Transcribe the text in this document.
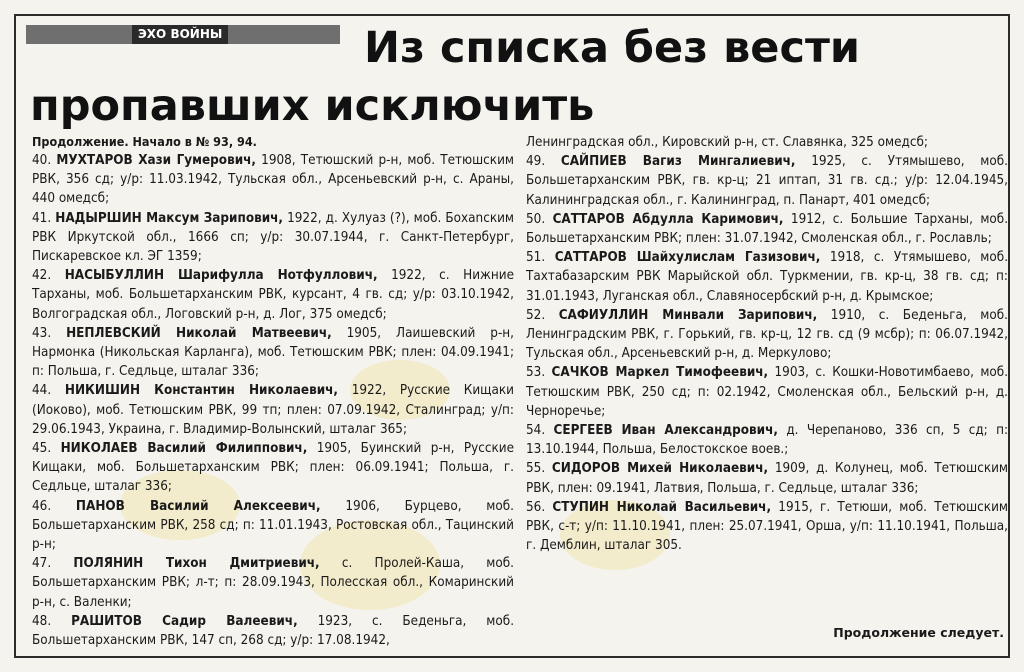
ЭХО ВОЙНЫ	Из списка без вести
пропавших исключить
Продолжение. Начало в № 93, 94.

40. МУХТАРОВ Хази Гумерович, 1908, Тетюшский р-н, моб. Тетюшским РВК, 356 сд; у/р: 11.03.1942, Тульская обл., Арсеньевский р-н, с. Араны, 440 омедсб;

41. НАДЫРШИН Максум Зарипович, 1922, д. Хулуаз (?), моб. Бохanским РВК Иркутской обл., 1666 сп; у/р: 30.07.1944, г. Санкт-Петербург, Пискаревское кл. ЭГ 1359;

42. НАСЫБУЛЛИН Шарифулла Нотфуллович, 1922, с. Нижние Тарханы, моб. Большетарханским РВК, курсант, 4 гв. сд; у/р: 03.10.1942, Волгоградская обл., Логовский р-н, д. Лог, 375 омедсб;

43. НЕПЛЕВСКИЙ Николай Матвеевич, 1905, Лаишевский р-н, Нармонка (Никольская Карланга), моб. Тетюшским РВК; плен: 04.09.1941; п: Польша, г. Седльце, шталаг 336;

44. НИКИШИН Константин Николаевич, 1922, Русские Кищаки (Иоково), моб. Тетюшским РВК, 99 тп; плен: 07.09.1942, Сталинград; у/п: 29.06.1943, Украина, г. Владимир-Волынский, шталаг 365;

45. НИКОЛАЕВ Василий Филиппович, 1905, Буинский р-н, Русские Кищаки, моб. Большетарханским РВК; плен: 06.09.1941; Польша, г. Седльце, шталаг 336;

46. ПАНОВ Василий Алексеевич, 1906, Бурцево, моб. Большетарханским РВК, 258 сд; п: 11.01.1943, Ростовская обл., Тацинский р-н;

47. ПОЛЯНИН Тихон Дмитриевич, с. Пролей-Каша, моб. Большетарханским РВК; л-т; п: 28.09.1943, Полесская обл., Комаринский р-н, с. Валенки;

48. РАШИТОВ Садир Валеевич, 1923, с. Беденьга, моб. Большетарханским РВК, 147 сп, 268 сд; у/р: 17.08.1942,

Ленинградская обл., Кировский р-н, ст. Славянка, 325 омедсб;

49. САЙПИЕВ Вагиз Мингалиевич, 1925, с. Утямышево, моб. Большетарханским РВК, гв. кр-ц; 21 иптап, 31 гв. сд.; у/р: 12.04.1945, Калининградская обл., г. Калининград, п. Панарт, 401 омедсб;

50. САТТАРОВ Абдулла Каримович, 1912, с. Большие Тарханы, моб. Большетарханским РВК; плен: 31.07.1942, Смоленская обл., г. Рославль;

51. САТТАРОВ Шайхулислам Газизович, 1918, с. Утямышево, моб. Тахтабазарским РВК Марыйской обл. Туркмении, гв. кр-ц, 38 гв. сд; п: 31.01.1943, Луганская обл., Славяносербский р-н, д. Крымское;

52. САФИУЛЛИН Минвали Зарипович, 1910, с. Беденьга, моб. Ленинградским РВК, г. Горький, гв. кр-ц, 12 гв. сд (9 мсбр); п: 06.07.1942, Тульская обл., Арсеньевский р-н, д. Меркулово;

53. САЧКОВ Маркел Тимофеевич, 1903, с. Кошки-Новотимбаево, моб. Тетюшским РВК, 250 сд; п: 02.1942, Смоленская обл., Бельский р-н, д. Черноречье;

54. СЕРГЕЕВ Иван Александрович, д. Черепаново, 336 сп, 5 сд; п: 13.10.1944, Польша, Белостокское воев.;

55. СИДОРОВ Михей Николаевич, 1909, д. Колунец, моб. Тетюшским РВК, плен: 09.1941, Латвия, Польша, г. Седльце, шталаг 336;

56. СТУПИН Николай Васильевич, 1915, г. Тетюши, моб. Тетюшским РВК, с-т; у/п: 11.10.1941, плен: 25.07.1941, Орша, у/п: 11.10.1941, Польша, г. Демблин, шталаг 305.

Продолжение следует.
